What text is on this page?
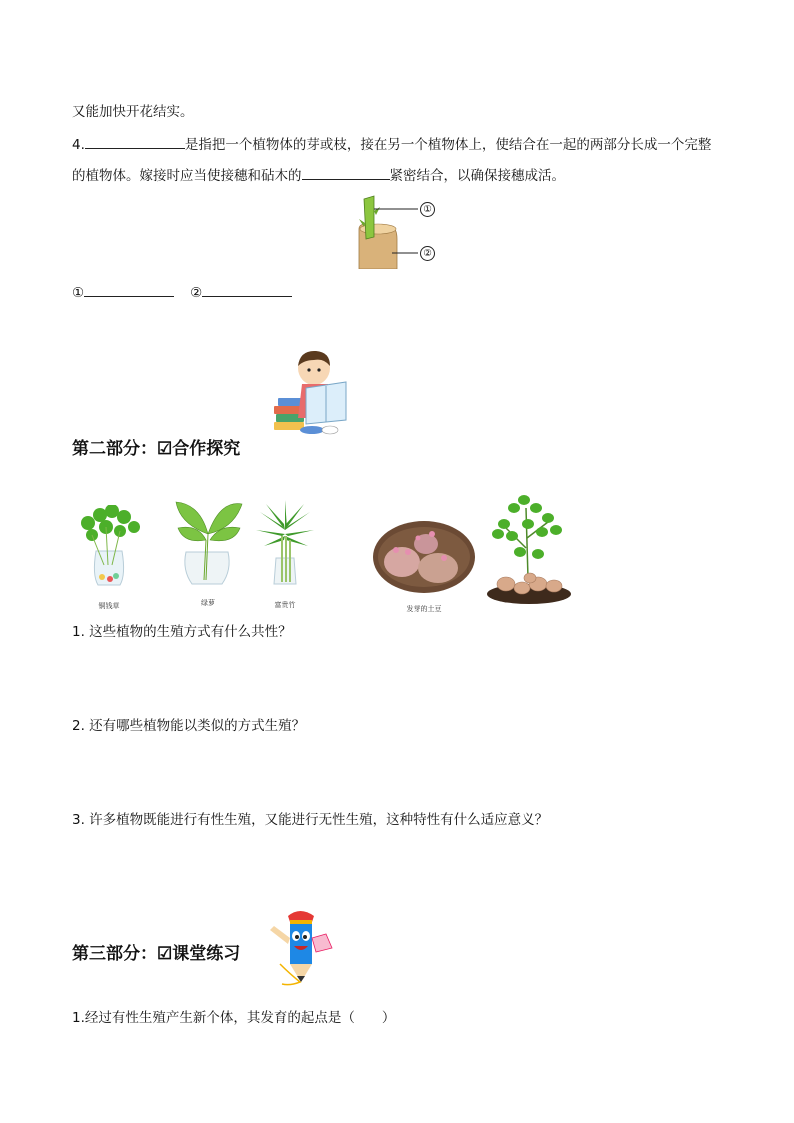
又能加快开花结实。
4.	是指把一个植物体的芽或枝，接在另一个植物体上，使结合在一起的两部分长成一个完整
的植物体。嫁接时应当使接穗和砧木的	紧密结合，以确保接穗成活。
①
②
①	②
第二部分：☑合作探究
铜钱草	绿萝	富贵竹	发芽的土豆
1. 这些植物的生殖方式有什么共性？
2. 还有哪些植物能以类似的方式生殖？
3. 许多植物既能进行有性生殖，又能进行无性生殖，这种特性有什么适应意义？
第三部分：☑课堂练习
1.经过有性生殖产生新个体，其发育的起点是（　　）
